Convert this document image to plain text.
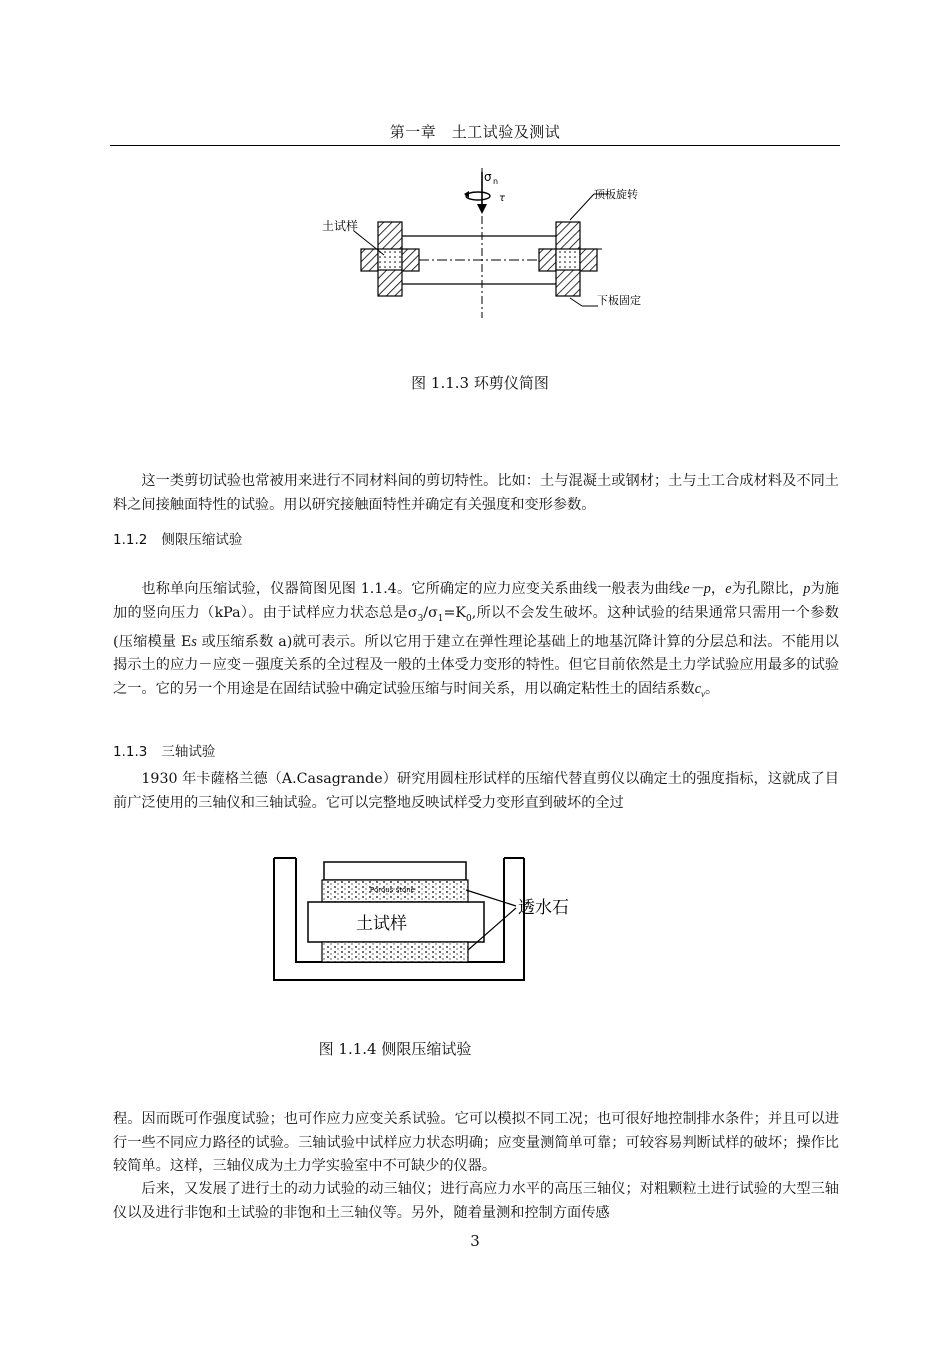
第一章　土工试验及测试
σ n
τ
土试样
顶板旋转
下板固定
图 1.1.3 环剪仪简图

这一类剪切试验也常被用来进行不同材料间的剪切特性。比如：土与混凝土或钢材；土与土工合成材料及不同土料之间接触面特性的试验。用以研究接触面特性并确定有关强度和变形参数。

1.1.2 侧限压缩试验

也称单向压缩试验，仪器简图见图 1.1.4。它所确定的应力应变关系曲线一般表为曲线e－p，e为孔隙比，p为施加的竖向压力（kPa）。由于试样应力状态总是$\sigma_3/\sigma_1=K_0$,所以不会发生破坏。这种试验的结果通常只需用一个参数(压缩模量 Es 或压缩系数 a)就可表示。所以它用于建立在弹性理论基础上的地基沉降计算的分层总和法。不能用以揭示土的应力－应变－强度关系的全过程及一般的土体受力变形的特性。但它目前依然是土力学试验应用最多的试验之一。它的另一个用途是在固结试验中确定试验压缩与时间关系，用以确定粘性土的固结系数$c_v$。

1.1.3 三轴试验

1930 年卡薩格兰德（A.Casagrande）研究用圆柱形试样的压缩代替直剪仪以确定土的强度指标，这就成了目前广泛使用的三轴仪和三轴试验。它可以完整地反映试样受力变形直到破坏的全过

Porous stone
土试样
透水石
图 1.1.4 侧限压缩试验

程。因而既可作强度试验；也可作应力应变关系试验。它可以模拟不同工况；也可很好地控制排水条件；并且可以进行一些不同应力路径的试验。三轴试验中试样应力状态明确；应变量测简单可靠；可较容易判断试样的破坏；操作比较简单。这样，三轴仪成为土力学实验室中不可缺少的仪器。

后来，又发展了进行土的动力试验的动三轴仪；进行高应力水平的高压三轴仪；对粗颗粒土进行试验的大型三轴仪以及进行非饱和土试验的非饱和土三轴仪等。另外，随着量测和控制方面传感

3
